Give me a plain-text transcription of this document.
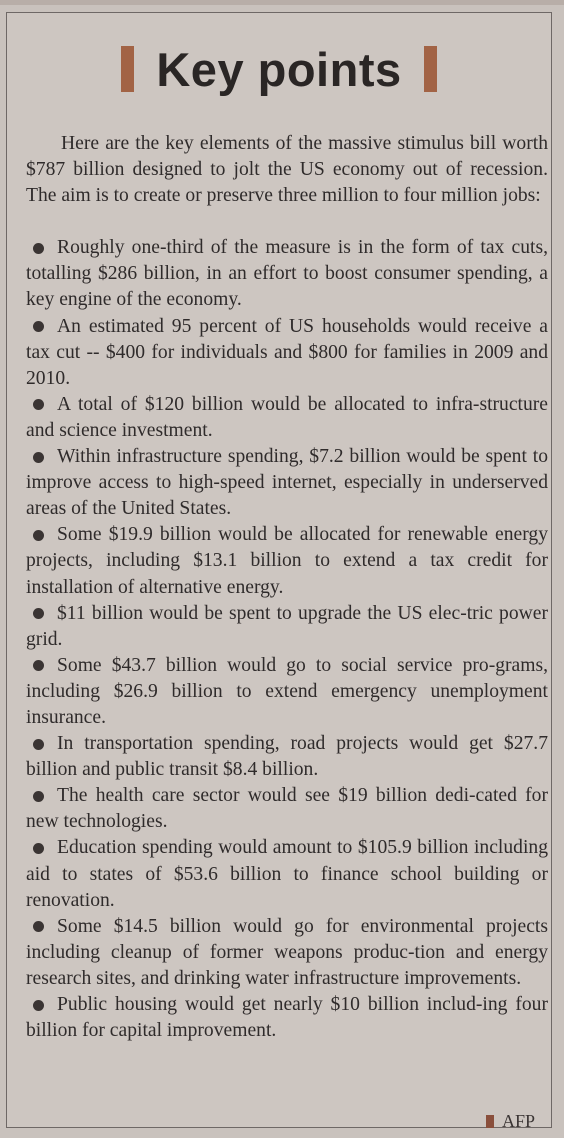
Key points

Here are the key elements of the massive stimulus bill worth $787 billion designed to jolt the US economy out of recession. The aim is to create or preserve three million to four million jobs:

Roughly one-third of the measure is in the form of tax cuts, totalling $286 billion, in an effort to boost consumer spending, a key engine of the economy.
An estimated 95 percent of US households would receive a tax cut -- $400 for individuals and $800 for families in 2009 and 2010.
A total of $120 billion would be allocated to infra-structure and science investment.
Within infrastructure spending, $7.2 billion would be spent to improve access to high-speed internet, especially in underserved areas of the United States.
Some $19.9 billion would be allocated for renewable energy projects, including $13.1 billion to extend a tax credit for installation of alternative energy.
$11 billion would be spent to upgrade the US elec-tric power grid.
Some $43.7 billion would go to social service pro-grams, including $26.9 billion to extend emergency unemployment insurance.
In transportation spending, road projects would get $27.7 billion and public transit $8.4 billion.
The health care sector would see $19 billion dedi-cated for new technologies.
Education spending would amount to $105.9 billion including aid to states of $53.6 billion to finance school building or renovation.
Some $14.5 billion would go for environmental projects including cleanup of former weapons produc-tion and energy research sites, and drinking water infrastructure improvements.
Public housing would get nearly $10 billion includ-ing four billion for capital improvement.
AFP
